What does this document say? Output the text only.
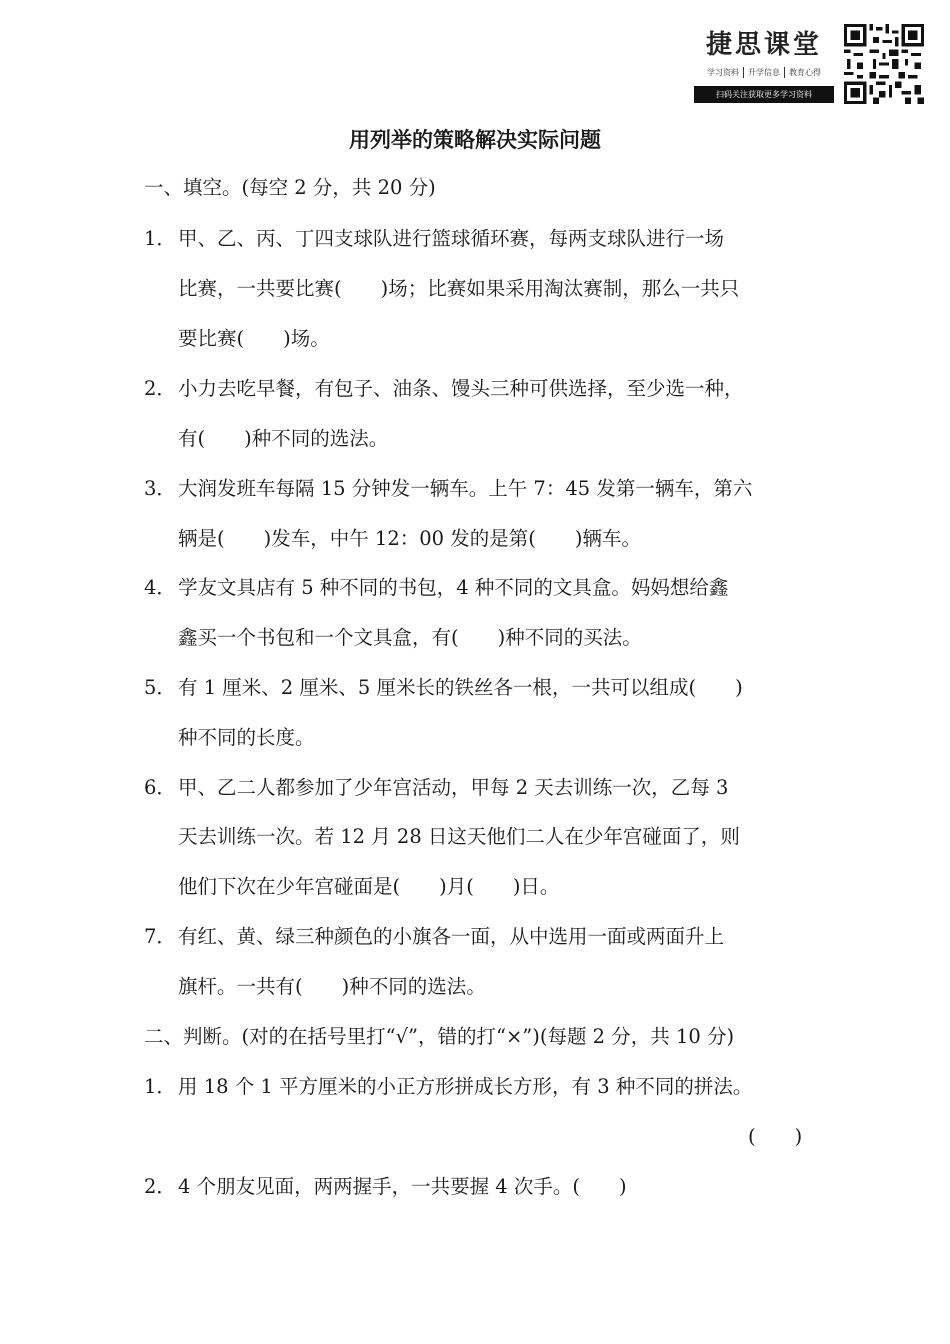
捷思课堂
学习资料	升学信息	教育心得
扫码关注获取更多学习资料
用列举的策略解决实际问题
一、填空。(每空 2 分，共 20 分)
1． 甲、乙、丙、丁四支球队进行篮球循环赛，每两支球队进行一场
比赛，一共要比赛(　　)场；比赛如果采用淘汰赛制，那么一共只
要比赛(　　)场。
2． 小力去吃早餐，有包子、油条、馒头三种可供选择，至少选一种，
有(　　)种不同的选法。
3． 大润发班车每隔 15 分钟发一辆车。上午 7：45 发第一辆车，第六
辆是(　　)发车，中午 12：00 发的是第(　　)辆车。
4． 学友文具店有 5 种不同的书包，4 种不同的文具盒。妈妈想给鑫
鑫买一个书包和一个文具盒，有(　　)种不同的买法。
5． 有 1 厘米、2 厘米、5 厘米长的铁丝各一根，一共可以组成(　　)
种不同的长度。
6． 甲、乙二人都参加了少年宫活动，甲每 2 天去训练一次，乙每 3
天去训练一次。若 12 月 28 日这天他们二人在少年宫碰面了，则
他们下次在少年宫碰面是(　　)月(　　)日。
7． 有红、黄、绿三种颜色的小旗各一面，从中选用一面或两面升上
旗杆。一共有(　　)种不同的选法。
二、判断。(对的在括号里打“√”，错的打“×”)(每题 2 分，共 10 分)
1． 用 18 个 1 平方厘米的小正方形拼成长方形，有 3 种不同的拼法。
(　　)
2． 4 个朋友见面，两两握手，一共要握 4 次手。(　　)
